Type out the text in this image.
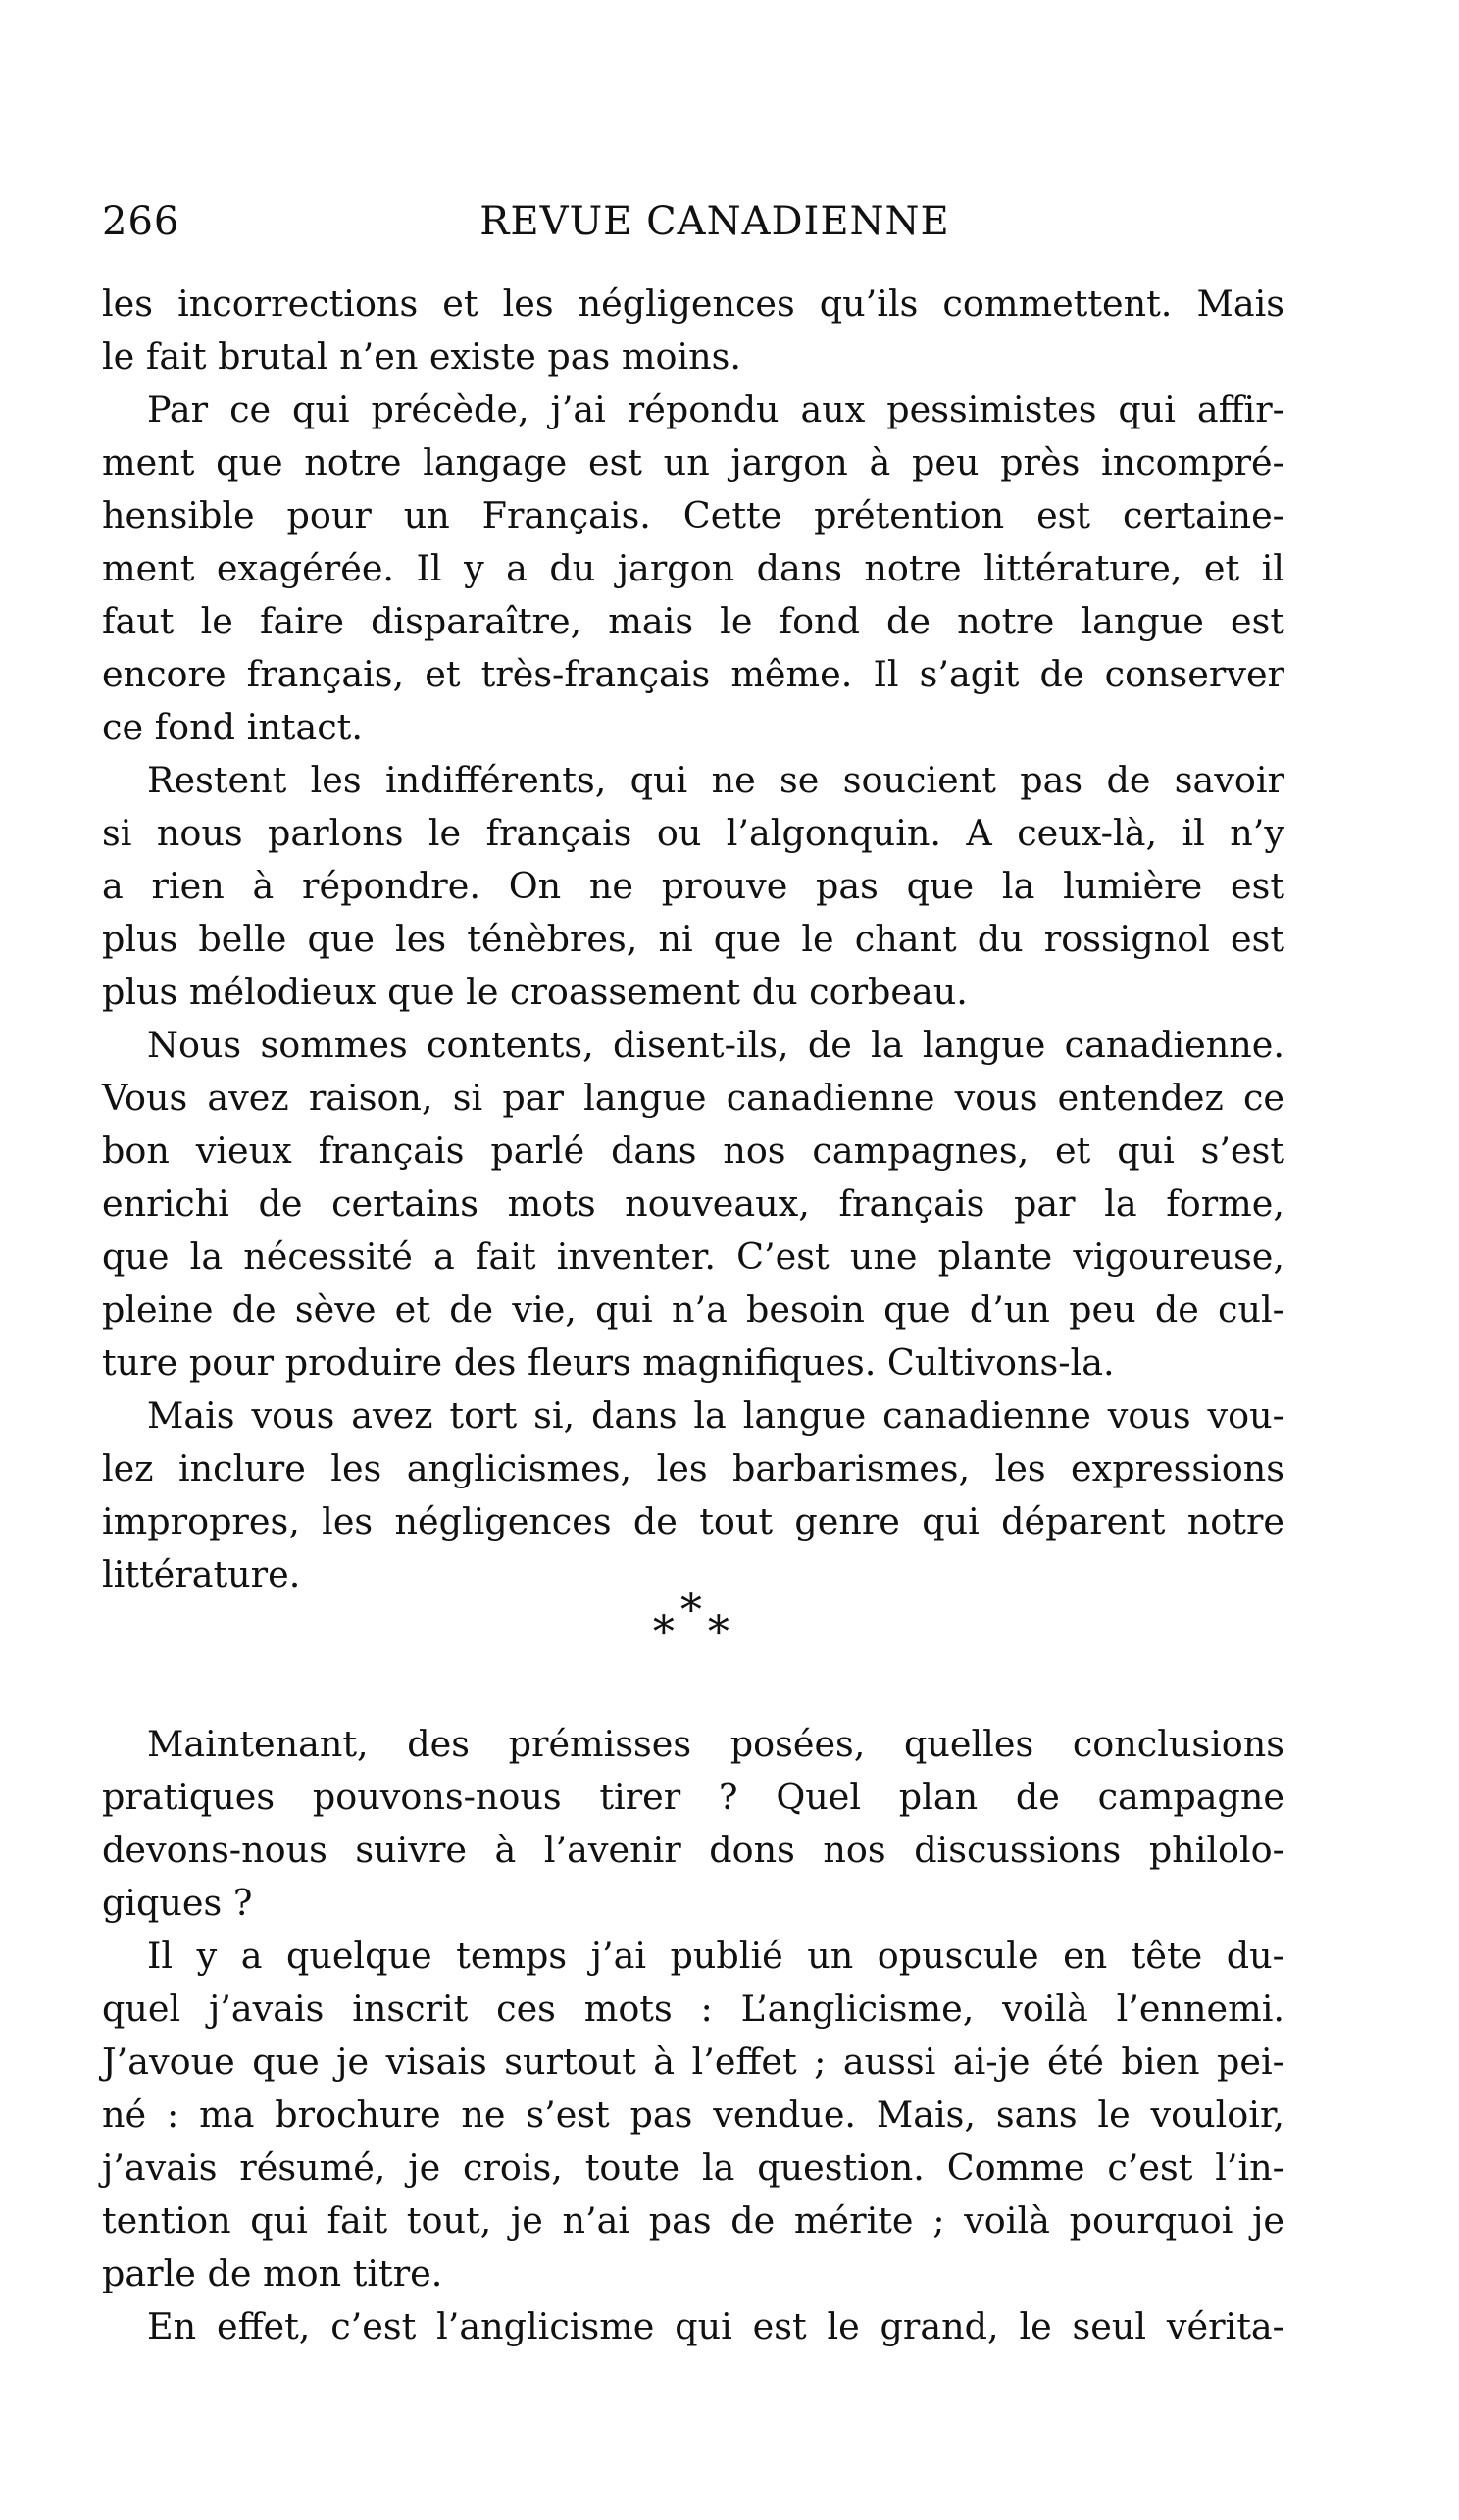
266	REVUE CANADIENNE
les incorrections et les négligences qu’ils commettent. Mais
le fait brutal n’en existe pas moins.
Par ce qui précède, j’ai répondu aux pessimistes qui affir-
ment que notre langage est un jargon à peu près incompré-
hensible pour un Français. Cette prétention est certaine-
ment exagérée. Il y a du jargon dans notre littérature, et il
faut le faire disparaître, mais le fond de notre langue est
encore français, et très-français même. Il s’agit de conserver
ce fond intact.
Restent les indifférents, qui ne se soucient pas de savoir
si nous parlons le français ou l’algonquin. A ceux-là, il n’y
a rien à répondre. On ne prouve pas que la lumière est
plus belle que les ténèbres, ni que le chant du rossignol est
plus mélodieux que le croassement du corbeau.
Nous sommes contents, disent-ils, de la langue canadienne.
Vous avez raison, si par langue canadienne vous entendez ce
bon vieux français parlé dans nos campagnes, et qui s’est
enrichi de certains mots nouveaux, français par la forme,
que la nécessité a fait inventer. C’est une plante vigoureuse,
pleine de sève et de vie, qui n’a besoin que d’un peu de cul-
ture pour produire des fleurs magnifiques. Cultivons-la.
Mais vous avez tort si, dans la langue canadienne vous vou-
lez inclure les anglicismes, les barbarismes, les expressions
impropres, les négligences de tout genre qui déparent notre
littérature.
∗
∗ ∗
Maintenant, des prémisses posées, quelles conclusions
pratiques pouvons-nous tirer ? Quel plan de campagne
devons-nous suivre à l’avenir dons nos discussions philolo-
giques ?
Il y a quelque temps j’ai publié un opuscule en tête du-
quel j’avais inscrit ces mots : L’anglicisme, voilà l’ennemi.
J’avoue que je visais surtout à l’effet ; aussi ai-je été bien pei-
né : ma brochure ne s’est pas vendue. Mais, sans le vouloir,
j’avais résumé, je crois, toute la question. Comme c’est l’in-
tention qui fait tout, je n’ai pas de mérite ; voilà pourquoi je
parle de mon titre.
En effet, c’est l’anglicisme qui est le grand, le seul vérita-
